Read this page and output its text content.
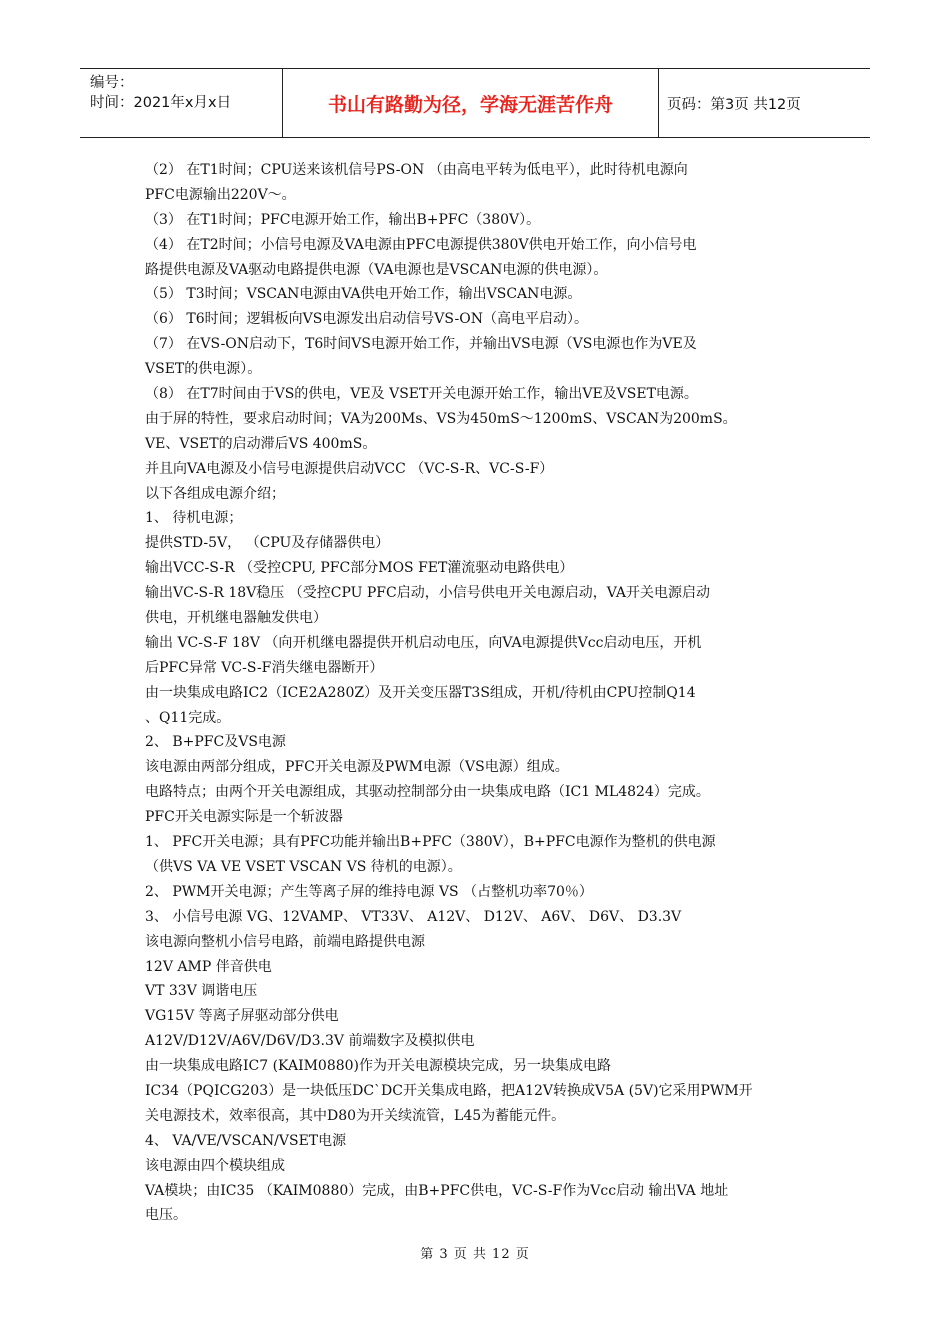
编号：
时间：2021年x月x日	书山有路勤为径，学海无涯苦作舟	页码：第3页 共12页
（2） 在T1时间；CPU送来该机信号PS-ON （由高电平转为低电平），此时待机电源向
PFC电源输出220V～。
（3） 在T1时间；PFC电源开始工作，输出B+PFC（380V）。
（4） 在T2时间；小信号电源及VA电源由PFC电源提供380V供电开始工作，向小信号电
路提供电源及VA驱动电路提供电源（VA电源也是VSCAN电源的供电源）。
（5） T3时间；VSCAN电源由VA供电开始工作，输出VSCAN电源。
（6） T6时间；逻辑板向VS电源发出启动信号VS-ON（高电平启动）。
（7） 在VS-ON启动下，T6时间VS电源开始工作，并输出VS电源（VS电源也作为VE及
VSET的供电源）。
（8） 在T7时间由于VS的供电，VE及 VSET开关电源开始工作，输出VE及VSET电源。
由于屏的特性，要求启动时间；VA为200Ms、VS为450mS～1200mS、VSCAN为200mS。
VE、VSET的启动滞后VS 400mS。
并且向VA电源及小信号电源提供启动VCC （VC-S-R、VC-S-F）
以下各组成电源介绍；
1、 待机电源；
提供STD-5V， （CPU及存储器供电）
输出VCC-S-R （受控CPU, PFC部分MOS FET灌流驱动电路供电）
输出VC-S-R 18V稳压 （受控CPU PFC启动，小信号供电开关电源启动，VA开关电源启动
供电，开机继电器触发供电）
输出 VC-S-F 18V （向开机继电器提供开机启动电压，向VA电源提供Vcc启动电压，开机
后PFC异常 VC-S-F消失继电器断开）
由一块集成电路IC2（ICE2A280Z）及开关变压器T3S组成，开机/待机由CPU控制Q14
、Q11完成。
2、 B+PFC及VS电源
该电源由两部分组成，PFC开关电源及PWM电源（VS电源）组成。
电路特点；由两个开关电源组成，其驱动控制部分由一块集成电路（IC1 ML4824）完成。
PFC开关电源实际是一个斩波器
1、 PFC开关电源；具有PFC功能并输出B+PFC（380V），B+PFC电源作为整机的供电源
（供VS VA VE VSET VSCAN VS 待机的电源）。
2、 PWM开关电源；产生等离子屏的维持电源 VS （占整机功率70％）
3、 小信号电源 VG、12VAMP、 VT33V、 A12V、 D12V、 A6V、 D6V、 D3.3V
该电源向整机小信号电路，前端电路提供电源
12V AMP 伴音供电
VT 33V 调谐电压
VG15V 等离子屏驱动部分供电
A12V/D12V/A6V/D6V/D3.3V 前端数字及模拟供电
由一块集成电路IC7 (KAIM0880)作为开关电源模块完成，另一块集成电路
IC34（PQICG203）是一块低压DC`DC开关集成电路，把A12V转换成V5A (5V)它采用PWM开
关电源技术，效率很高，其中D80为开关续流管，L45为蓄能元件。
4、 VA/VE/VSCAN/VSET电源
该电源由四个模块组成
VA模块；由IC35 （KAIM0880）完成，由B+PFC供电，VC-S-F作为Vcc启动 输出VA 地址
电压。
第 3 页 共 12 页
